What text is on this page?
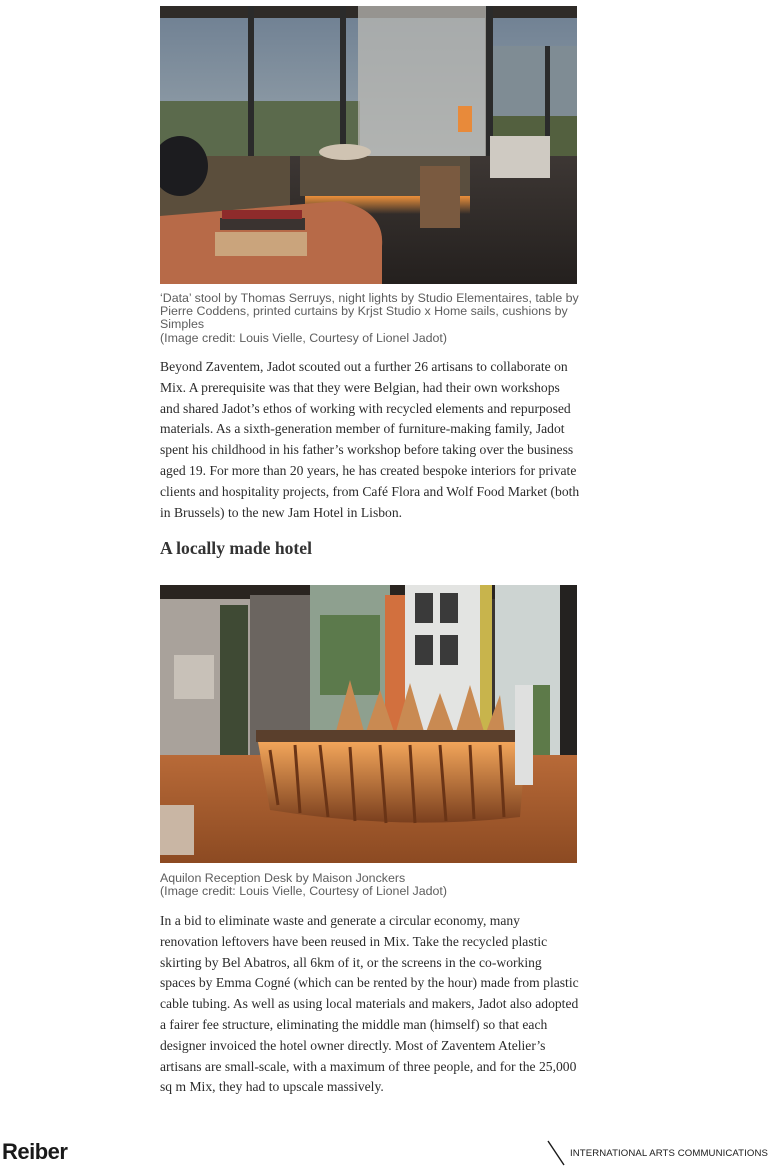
‘Data’ stool by Thomas Serruys, night lights by Studio Elementaires, table by Pierre Coddens, printed curtains by Krjst Studio x Home sails, cushions by Simples
(Image credit: Louis Vielle, Courtesy of Lionel Jadot)

Beyond Zaventem, Jadot scouted out a further 26 artisans to collaborate on Mix. A prerequisite was that they were Belgian, had their own workshops and shared Jadot’s ethos of working with recycled elements and repurposed materials. As a sixth-generation member of furniture-making family, Jadot spent his childhood in his father’s workshop before taking over the business aged 19. For more than 20 years, he has created bespoke interiors for private clients and hospitality projects, from Café Flora and Wolf Food Market (both in Brussels) to the new Jam Hotel in Lisbon.

A locally made hotel
Aquilon Reception Desk by Maison Jonckers
(Image credit: Louis Vielle, Courtesy of Lionel Jadot)

In a bid to eliminate waste and generate a circular economy, many renovation leftovers have been reused in Mix. Take the recycled plastic skirting by Bel Abatros, all 6km of it, or the screens in the co-working spaces by Emma Cogné (which can be rented by the hour) made from plastic cable tubing. As well as using local materials and makers, Jadot also adopted a fairer fee structure, eliminating the middle man (himself) so that each designer invoiced the hotel owner directly. Most of Zaventem Atelier’s artisans are small-scale, with a maximum of three people, and for the 25,000 sq m Mix, they had to upscale massively.

Reiber	INTERNATIONAL ARTS COMMUNICATIONS
